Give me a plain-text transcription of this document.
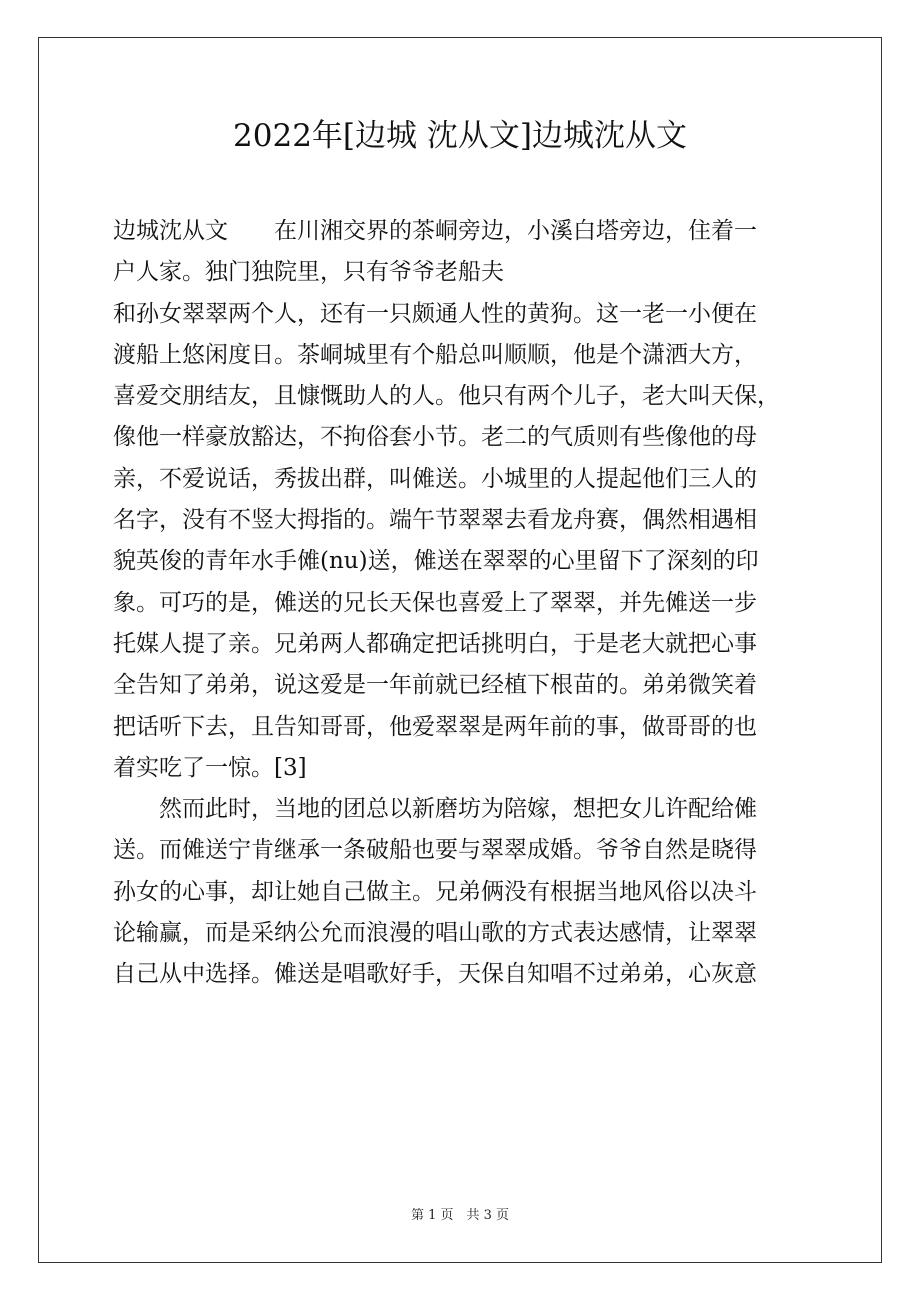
2022年[边城 沈从文]边城沈从文
边城沈从文　　在川湘交界的茶峒旁边，小溪白塔旁边，住着一
户人家。独门独院里，只有爷爷老船夫
和孙女翠翠两个人，还有一只颇通人性的黄狗。这一老一小便在
渡船上悠闲度日。茶峒城里有个船总叫顺顺，他是个潇洒大方，
喜爱交朋结友，且慷慨助人的人。他只有两个儿子，老大叫天保，
像他一样豪放豁达，不拘俗套小节。老二的气质则有些像他的母
亲，不爱说话，秀拔出群，叫傩送。小城里的人提起他们三人的
名字，没有不竖大拇指的。端午节翠翠去看龙舟赛，偶然相遇相
貌英俊的青年水手傩(nu)送，傩送在翠翠的心里留下了深刻的印
象。可巧的是，傩送的兄长天保也喜爱上了翠翠，并先傩送一步
托媒人提了亲。兄弟两人都确定把话挑明白，于是老大就把心事
全告知了弟弟，说这爱是一年前就已经植下根苗的。弟弟微笑着
把话听下去，且告知哥哥，他爱翠翠是两年前的事，做哥哥的也
着实吃了一惊。[3]
然而此时，当地的团总以新磨坊为陪嫁，想把女儿许配给傩
送。而傩送宁肯继承一条破船也要与翠翠成婚。爷爷自然是晓得
孙女的心事，却让她自己做主。兄弟俩没有根据当地风俗以决斗
论输赢，而是采纳公允而浪漫的唱山歌的方式表达感情，让翠翠
自己从中选择。傩送是唱歌好手，天保自知唱不过弟弟，心灰意
第 1 页　共 3 页
